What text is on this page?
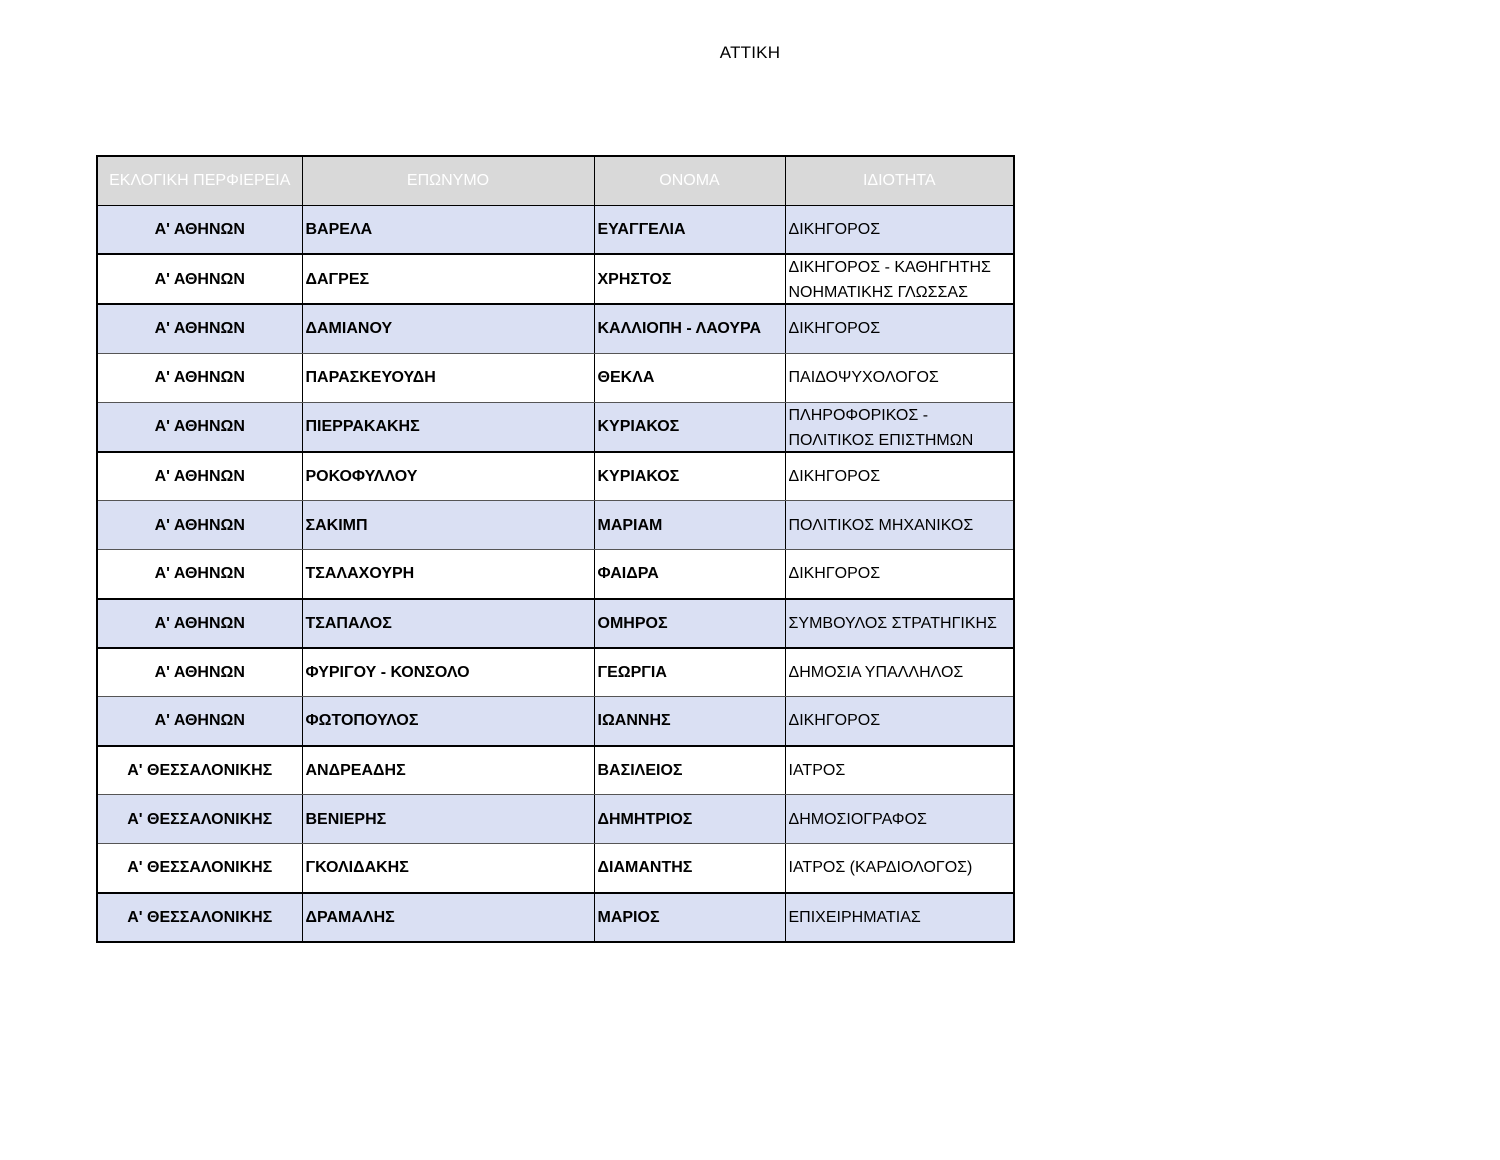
ΑΤΤΙΚΗ
ΕΚΛΟΓΙΚΗ ΠΕΡΦΙΕΡΕΙΑ	ΕΠΩΝΥΜΟ	ΟΝΟΜΑ	ΙΔΙΟΤΗΤΑ
Α' ΑΘΗΝΩΝ	ΒΑΡΕΛΑ	ΕΥΑΓΓΕΛΙΑ	ΔΙΚΗΓΟΡΟΣ

Α' ΑΘΗΝΩΝ	ΔΑΓΡΕΣ	ΧΡΗΣΤΟΣ	ΔΙΚΗΓΟΡΟΣ - ΚΑΘΗΓΗΤΗΣ ΝΟΗΜΑΤΙΚΗΣ ΓΛΩΣΣΑΣ

Α' ΑΘΗΝΩΝ	ΔΑΜΙΑΝΟΥ	ΚΑΛΛΙΟΠΗ - ΛΑΟΥΡΑ	ΔΙΚΗΓΟΡΟΣ

Α' ΑΘΗΝΩΝ	ΠΑΡΑΣΚΕΥΟΥΔΗ	ΘΕΚΛΑ	ΠΑΙΔΟΨΥΧΟΛΟΓΟΣ

Α' ΑΘΗΝΩΝ	ΠΙΕΡΡΑΚΑΚΗΣ	ΚΥΡΙΑΚΟΣ	ΠΛΗΡΟΦΟΡΙΚΟΣ - ΠΟΛΙΤΙΚΟΣ ΕΠΙΣΤΗΜΩΝ

Α' ΑΘΗΝΩΝ	ΡΟΚΟΦΥΛΛΟΥ	ΚΥΡΙΑΚΟΣ	ΔΙΚΗΓΟΡΟΣ

Α' ΑΘΗΝΩΝ	ΣΑΚΙΜΠ	ΜΑΡΙΑΜ	ΠΟΛΙΤΙΚΟΣ ΜΗΧΑΝΙΚΟΣ

Α' ΑΘΗΝΩΝ	ΤΣΑΛΑΧΟΥΡΗ	ΦΑΙΔΡΑ	ΔΙΚΗΓΟΡΟΣ

Α' ΑΘΗΝΩΝ	ΤΣΑΠΑΛΟΣ	ΟΜΗΡΟΣ	ΣΥΜΒΟΥΛΟΣ ΣΤΡΑΤΗΓΙΚΗΣ

Α' ΑΘΗΝΩΝ	ΦΥΡΙΓΟΥ - ΚΟΝΣΟΛΟ	ΓΕΩΡΓΙΑ	ΔΗΜΟΣΙΑ ΥΠΑΛΛΗΛΟΣ

Α' ΑΘΗΝΩΝ	ΦΩΤΟΠΟΥΛΟΣ	ΙΩΑΝΝΗΣ	ΔΙΚΗΓΟΡΟΣ

Α' ΘΕΣΣΑΛΟΝΙΚΗΣ	ΑΝΔΡΕΑΔΗΣ	ΒΑΣΙΛΕΙΟΣ	ΙΑΤΡΟΣ

Α' ΘΕΣΣΑΛΟΝΙΚΗΣ	ΒΕΝΙΕΡΗΣ	ΔΗΜΗΤΡΙΟΣ	ΔΗΜΟΣΙΟΓΡΑΦΟΣ

Α' ΘΕΣΣΑΛΟΝΙΚΗΣ	ΓΚΟΛΙΔΑΚΗΣ	ΔΙΑΜΑΝΤΗΣ	ΙΑΤΡΟΣ (ΚΑΡΔΙΟΛΟΓΟΣ)

Α' ΘΕΣΣΑΛΟΝΙΚΗΣ	ΔΡΑΜΑΛΗΣ	ΜΑΡΙΟΣ	ΕΠΙΧΕΙΡΗΜΑΤΙΑΣ
